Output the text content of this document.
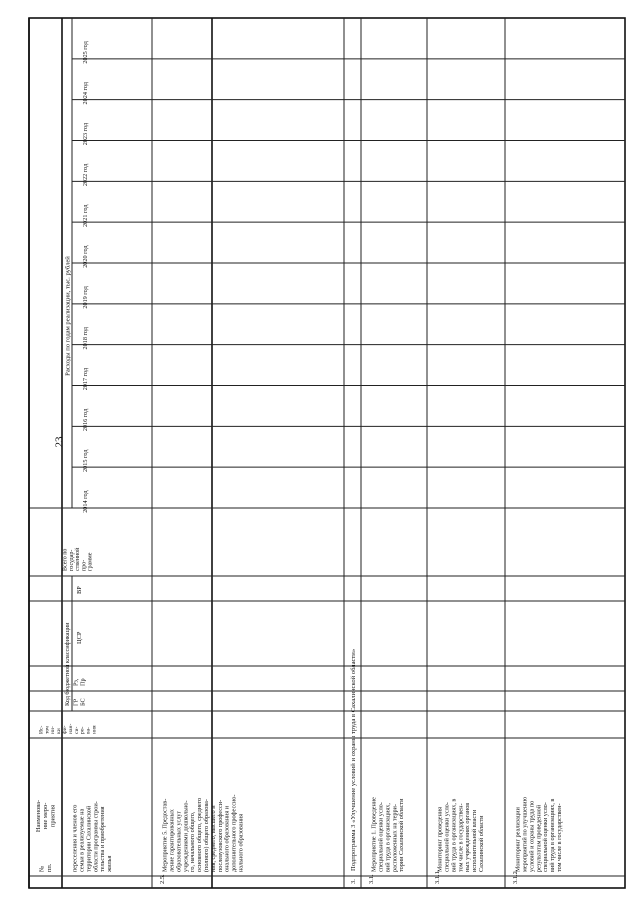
23
№ пп.
Наименова- ние меро- приятия
Ис- точ ни- ки фи- нан- си- ро- ва- ния
Код бюджетной классификации ГР БС
Рз, Пр
ЦСР
ВР
Всего по государ- ственной про- грамме
Расходы по годам реализации, тыс. рублей
2014 год
2015 год
2016 год
2017 год
2018 год
2019 год
2020 год
2021 год
2022 год
2023 год
2024 год
2025 год
переселения и членов его семьи в реализуемые на территории Сахалинской области программы строи- тельства и приобретения жилья
2.5.
Мероприятие 5. Предостав- ление гарантированных образовательных услуг учреждениями дошкольно- го, начального общего, основного общего, среднего (полного) общего образова- ния, среднего, высшего и послевузовского професси- онального образования и дополнительного профессио- нального образования
3.
Подпрограмма 3 «Улучшение условий и охраны труда в Сахалинской области»
3.1.
Мероприятие 1. Проведение специальной оценки усло- вий труда в организациях, расположенных на терри- тории Сахалинской области
3.1.1.
Мониторинг проведения специальной оценки усло- вий труда в организациях, в том числе в государствен- ных учреждениях органов исполнительной власти Сахалинской области
3.1.2.
Мониторинг реализации мероприятий по улучшению условий и охраны труда по результатам проведенной специальной оценки усло- вий труда в организациях, в том числе в государствен-
